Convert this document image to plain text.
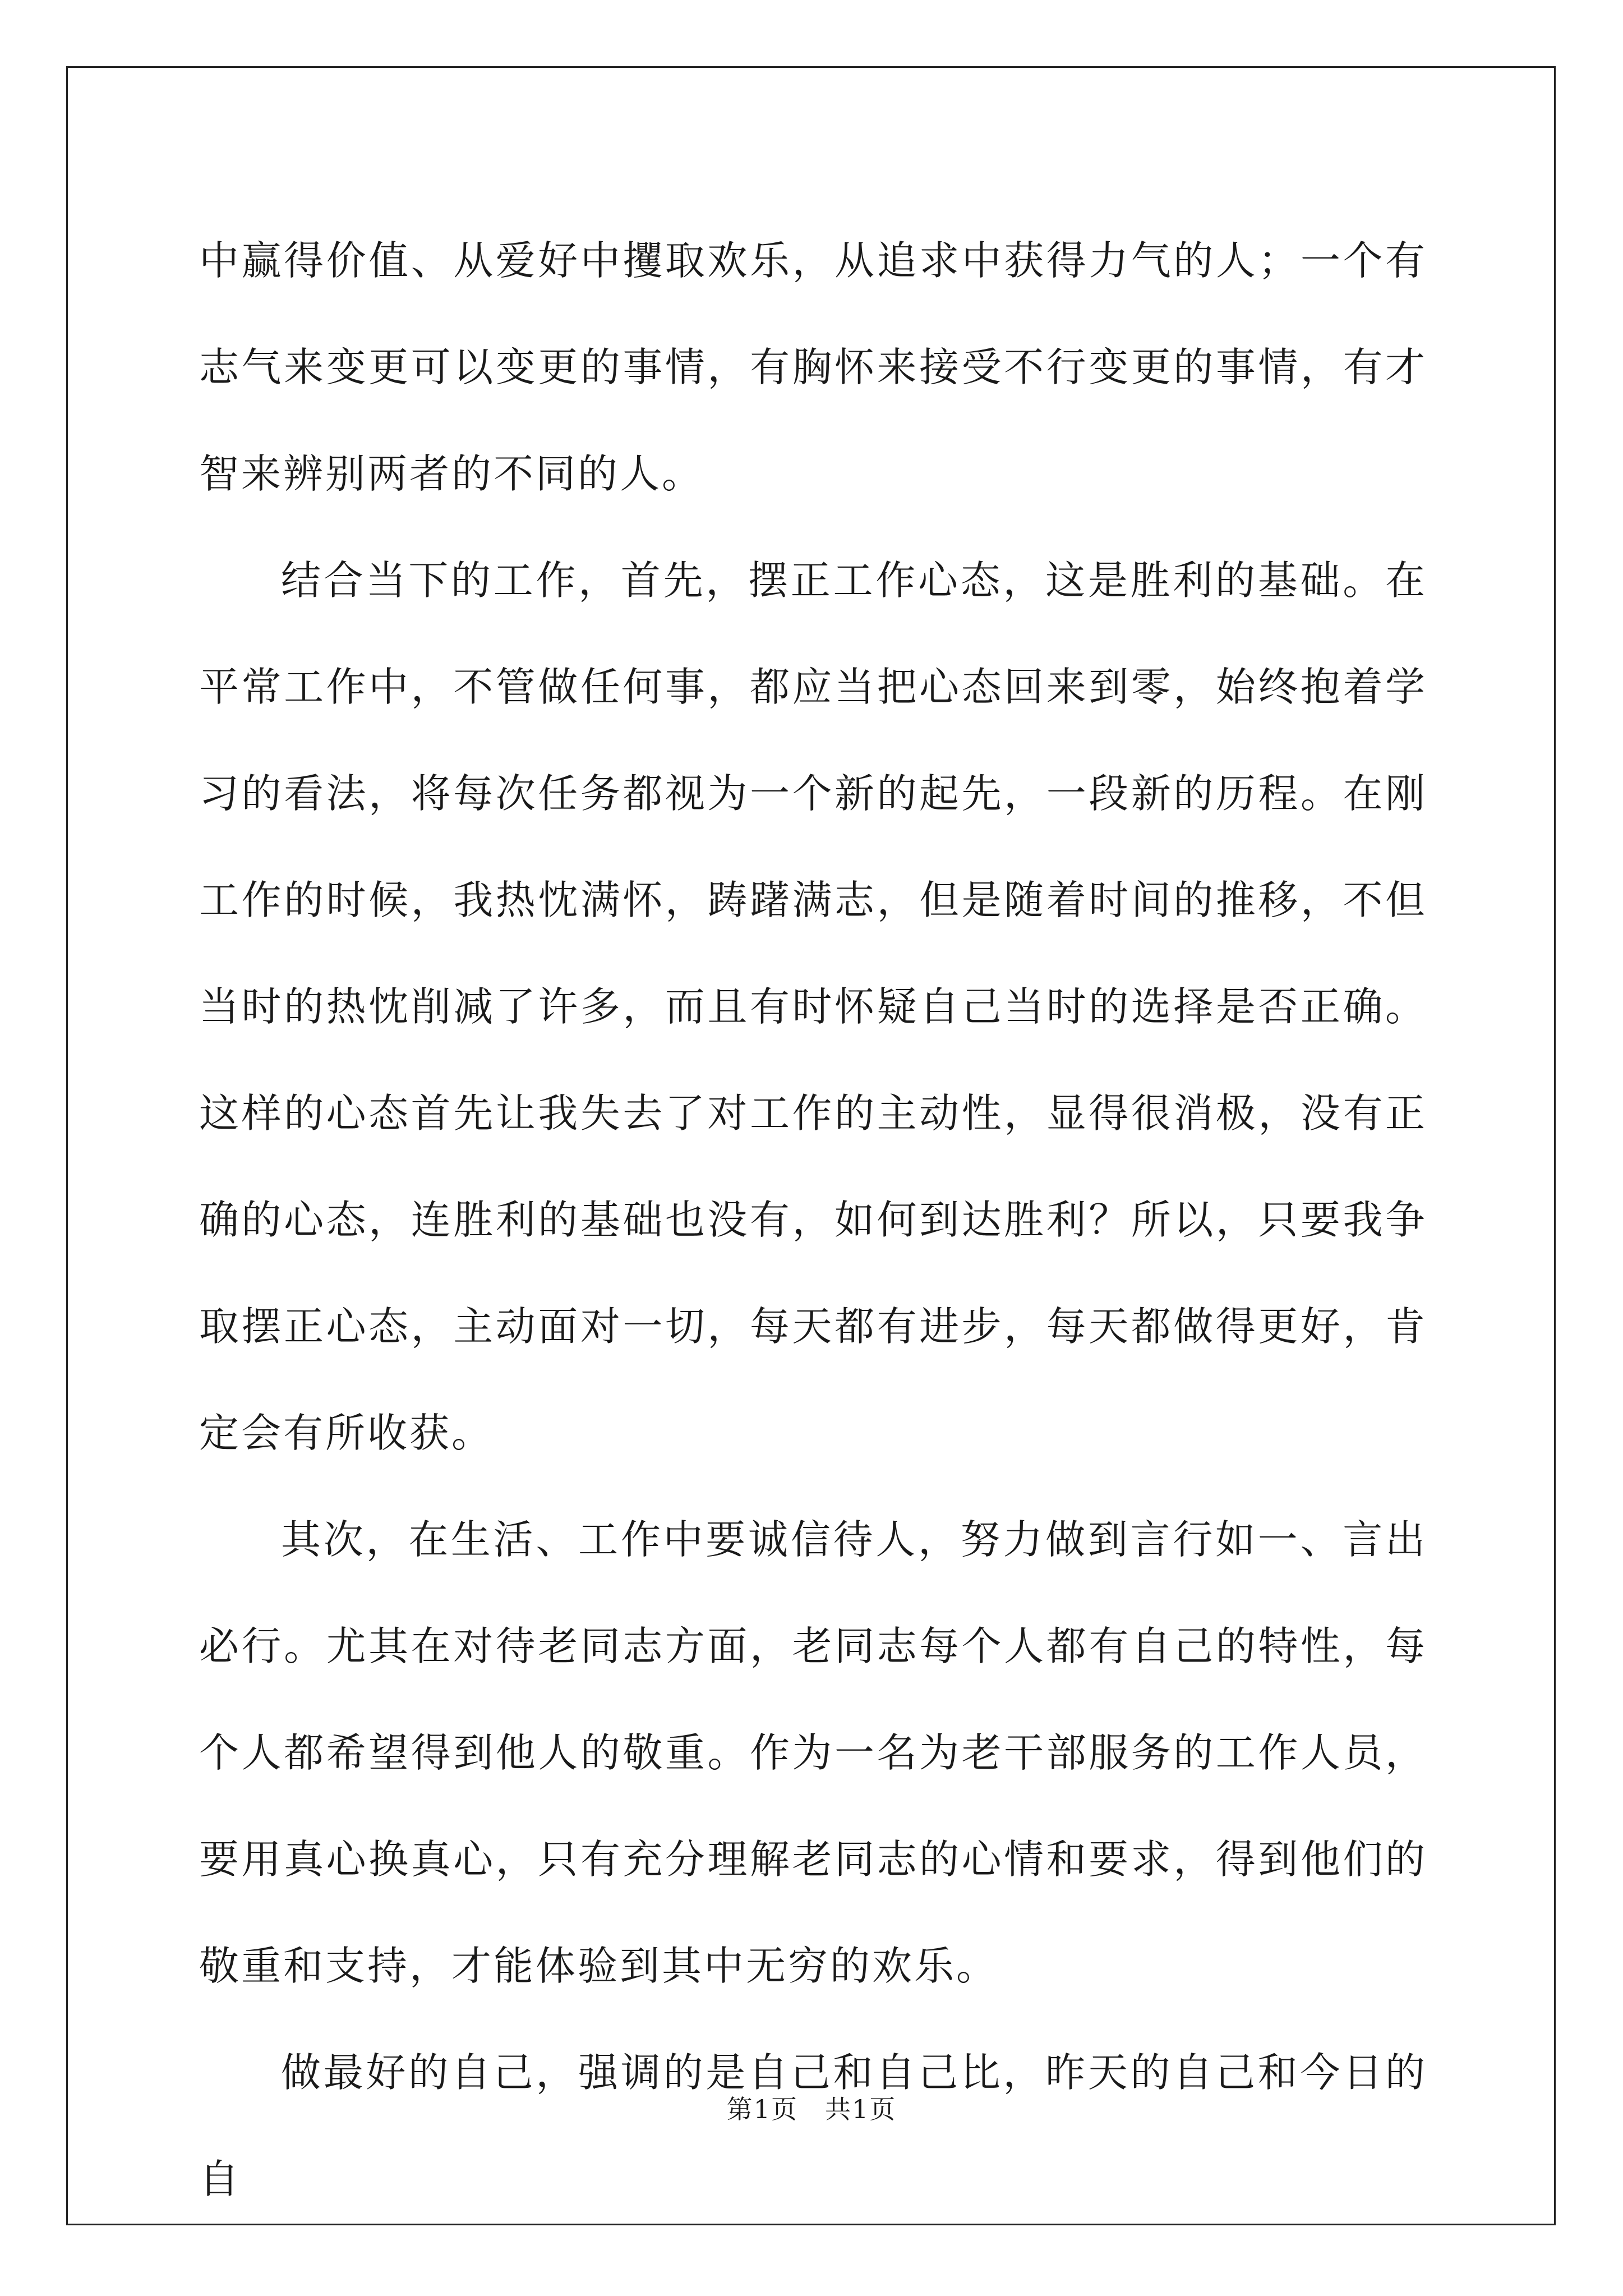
中赢得价值、从爱好中攫取欢乐，从追求中获得力气的人；一个有志气来变更可以变更的事情，有胸怀来接受不行变更的事情，有才智来辨别两者的不同的人。

结合当下的工作，首先，摆正工作心态，这是胜利的基础。在平常工作中，不管做任何事，都应当把心态回来到零，始终抱着学习的看法，将每次任务都视为一个新的起先，一段新的历程。在刚工作的时候，我热忱满怀，踌躇满志，但是随着时间的推移，不但当时的热忱削减了许多，而且有时怀疑自己当时的选择是否正确。这样的心态首先让我失去了对工作的主动性，显得很消极，没有正确的心态，连胜利的基础也没有，如何到达胜利？所以，只要我争取摆正心态，主动面对一切，每天都有进步，每天都做得更好，肯定会有所收获。

其次，在生活、工作中要诚信待人，努力做到言行如一、言出必行。尤其在对待老同志方面，老同志每个人都有自己的特性，每个人都希望得到他人的敬重。作为一名为老干部服务的工作人员，要用真心换真心，只有充分理解老同志的心情和要求，得到他们的敬重和支持，才能体验到其中无穷的欢乐。

做最好的自己，强调的是自己和自己比，昨天的自己和今日的自

第1页　共1页
